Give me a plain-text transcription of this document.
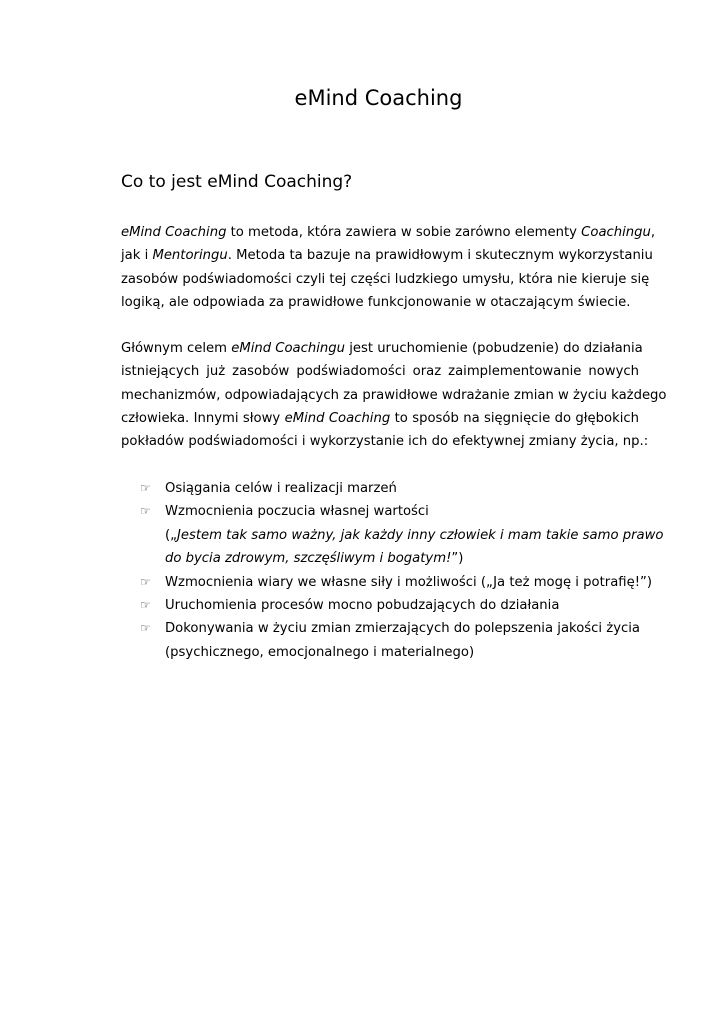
eMind Coaching
Co to jest eMind Coaching?

eMind Coaching to metoda, która zawiera w sobie zarówno elementy Coachingu,
jak i Mentoringu. Metoda ta bazuje na prawidłowym i skutecznym wykorzystaniu
zasobów podświadomości czyli tej części ludzkiego umysłu, która nie kieruje się
logiką, ale odpowiada za prawidłowe funkcjonowanie w otaczającym świecie.

Głównym celem eMind Coachingu jest uruchomienie (pobudzenie) do działania
istniejących już zasobów podświadomości oraz zaimplementowanie nowych
mechanizmów, odpowiadających za prawidłowe wdrażanie zmian w życiu każdego
człowieka. Innymi słowy eMind Coaching to sposób na sięgnięcie do głębokich
pokładów podświadomości i wykorzystanie ich do efektywnej zmiany życia, np.:

☞ Osiągania celów i realizacji marzeń
☞ Wzmocnienia poczucia własnej wartości
(„Jestem tak samo ważny, jak każdy inny człowiek i mam takie samo prawo
do bycia zdrowym, szczęśliwym i bogatym!”)
☞ Wzmocnienia wiary we własne siły i możliwości („Ja też mogę i potrafię!”)
☞ Uruchomienia procesów mocno pobudzających do działania
☞ Dokonywania w życiu zmian zmierzających do polepszenia jakości życia
(psychicznego, emocjonalnego i materialnego)
